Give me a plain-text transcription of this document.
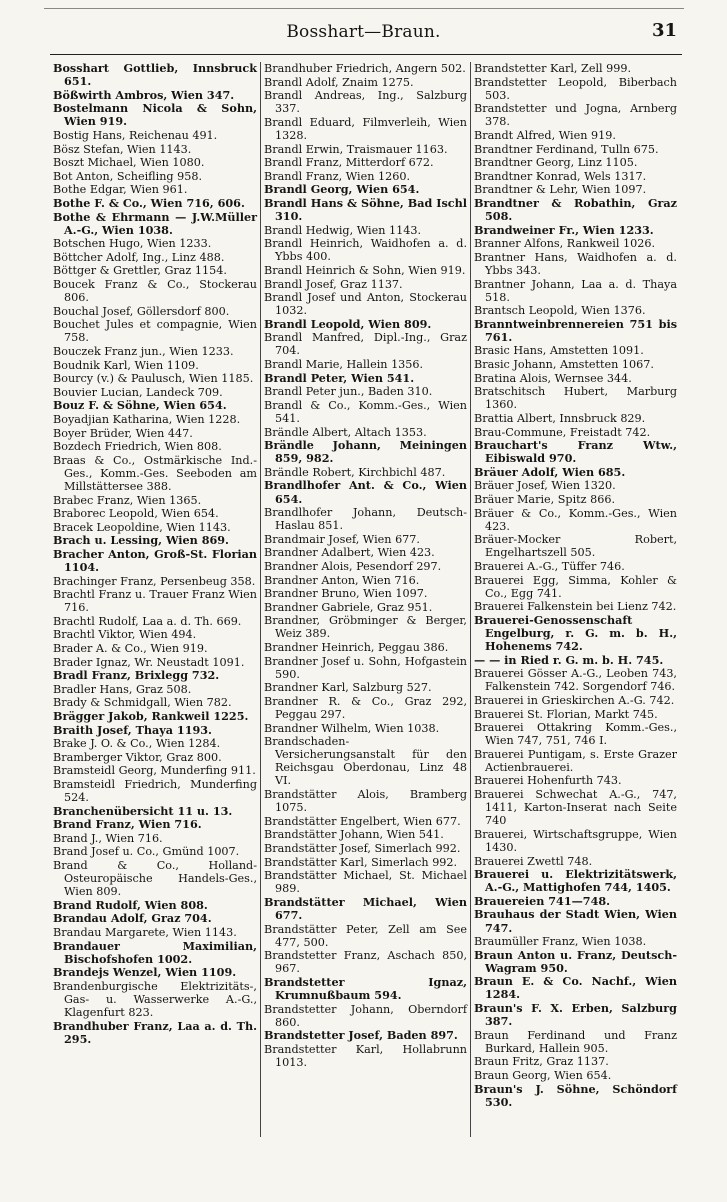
Bosshart—Braun.	31
Bosshart Gottlieb, Innsbruck 651.
Bößwirth Ambros, Wien 347.
Bostelmann Nicola & Sohn, Wien 919.
Bostig Hans, Reichenau 491.
Bösz Stefan, Wien 1143.
Boszt Michael, Wien 1080.
Bot Anton, Scheifling 958.
Bothe Edgar, Wien 961.
Bothe F. & Co., Wien 716, 606.
Bothe & Ehrmann — J.W.Müller A.-G., Wien 1038.
Botschen Hugo, Wien 1233.
Böttcher Adolf, Ing., Linz 488.
Böttger & Grettler, Graz 1154.
Boucek Franz & Co., Stockerau 806.
Bouchal Josef, Göllersdorf 800.
Bouchet Jules et compagnie, Wien 758.
Bouczek Franz jun., Wien 1233.
Boudnik Karl, Wien 1109.
Bourcy (v.) & Paulusch, Wien 1185.
Bouvier Lucian, Landeck 709.
Bouz F. & Söhne, Wien 654.
Boyadjian Katharina, Wien 1228.
Boyer Brüder, Wien 447.
Bozdech Friedrich, Wien 808.
Braas & Co., Ostmärkische Ind.-Ges., Komm.-Ges. Seeboden am Millstättersee 388.
Brabec Franz, Wien 1365.
Braborec Leopold, Wien 654.
Bracek Leopoldine, Wien 1143.
Brach u. Lessing, Wien 869.
Bracher Anton, Groß-St. Florian 1104.
Brachinger Franz, Persenbeug 358.
Brachtl Franz u. Trauer Franz Wien 716.
Brachtl Rudolf, Laa a. d. Th. 669.
Brachtl Viktor, Wien 494.
Brader A. & Co., Wien 919.
Brader Ignaz, Wr. Neustadt 1091.
Bradl Franz, Brixlegg 732.
Bradler Hans, Graz 508.
Brady & Schmidgall, Wien 782.
Brägger Jakob, Rankweil 1225.
Braith Josef, Thaya 1193.
Brake J. O. & Co., Wien 1284.
Bramberger Viktor, Graz 800.
Bramsteidl Georg, Munderfing 911.
Bramsteidl Friedrich, Munderfing 524.
Branchenübersicht 11 u. 13.
Brand Franz, Wien 716.
Brand J., Wien 716.
Brand Josef u. Co., Gmünd 1007.
Brand & Co., Holland-Osteuropäische Handels-Ges., Wien 809.
Brand Rudolf, Wien 808.
Brandau Adolf, Graz 704.
Brandau Margarete, Wien 1143.
Brandauer Maximilian, Bischofshofen 1002.
Brandejs Wenzel, Wien 1109.
Brandenburgische Elektrizitäts-, Gas- u. Wasserwerke A.-G., Klagenfurt 823.
Brandhuber Franz, Laa a. d. Th. 295.
Brandhuber Friedrich, Angern 502.
Brandl Adolf, Znaim 1275.
Brandl Andreas, Ing., Salzburg 337.
Brandl Eduard, Filmverleih, Wien 1328.
Brandl Erwin, Traismauer 1163.
Brandl Franz, Mitterdorf 672.
Brandl Franz, Wien 1260.
Brandl Georg, Wien 654.
Brandl Hans & Söhne, Bad Ischl 310.
Brandl Hedwig, Wien 1143.
Brandl Heinrich, Waidhofen a. d. Ybbs 400.
Brandl Heinrich & Sohn, Wien 919.
Brandl Josef, Graz 1137.
Brandl Josef und Anton, Stockerau 1032.
Brandl Leopold, Wien 809.
Brandl Manfred, Dipl.-Ing., Graz 704.
Brandl Marie, Hallein 1356.
Brandl Peter, Wien 541.
Brandl Peter jun., Baden 310.
Brandl & Co., Komm.-Ges., Wien 541.
Brändle Albert, Altach 1353.
Brändle Johann, Meiningen 859, 982.
Brändle Robert, Kirchbichl 487.
Brandlhofer Ant. & Co., Wien 654.
Brandlhofer Johann, Deutsch-Haslau 851.
Brandmair Josef, Wien 677.
Brandner Adalbert, Wien 423.
Brandner Alois, Pesendorf 297.
Brandner Anton, Wien 716.
Brandner Bruno, Wien 1097.
Brandner Gabriele, Graz 951.
Brandner, Gröbminger & Berger, Weiz 389.
Brandner Heinrich, Peggau 386.
Brandner Josef u. Sohn, Hofgastein 590.
Brandner Karl, Salzburg 527.
Brandner R. & Co., Graz 292, Peggau 297.
Brandner Wilhelm, Wien 1038.
Brandschaden-Versicherungsanstalt für den Reichsgau Oberdonau, Linz 48 VI.
Brandstätter Alois, Bramberg 1075.
Brandstätter Engelbert, Wien 677.
Brandstätter Johann, Wien 541.
Brandstätter Josef, Simerlach 992.
Brandstätter Karl, Simerlach 992.
Brandstätter Michael, St. Michael 989.
Brandstätter Michael, Wien 677.
Brandstätter Peter, Zell am See 477, 500.
Brandstetter Franz, Aschach 850, 967.
Brandstetter Ignaz, Krumnußbaum 594.
Brandstetter Johann, Oberndorf 860.
Brandstetter Josef, Baden 897.
Brandstetter Karl, Hollabrunn 1013.
Brandstetter Karl, Zell 999.
Brandstetter Leopold, Biberbach 503.
Brandstetter und Jogna, Arnberg 378.
Brandt Alfred, Wien 919.
Brandtner Ferdinand, Tulln 675.
Brandtner Georg, Linz 1105.
Brandtner Konrad, Wels 1317.
Brandtner & Lehr, Wien 1097.
Brandtner & Robathin, Graz 508.
Brandweiner Fr., Wien 1233.
Branner Alfons, Rankweil 1026.
Brantner Hans, Waidhofen a. d. Ybbs 343.
Brantner Johann, Laa a. d. Thaya 518.
Brantsch Leopold, Wien 1376.
Branntweinbrennereien 751 bis 761.
Brasic Hans, Amstetten 1091.
Brasic Johann, Amstetten 1067.
Bratina Alois, Wernsee 344.
Bratschitsch Hubert, Marburg 1360.
Brattia Albert, Innsbruck 829.
Brau-Commune, Freistadt 742.
Brauchart's Franz Wtw., Eibiswald 970.
Bräuer Adolf, Wien 685.
Bräuer Josef, Wien 1320.
Bräuer Marie, Spitz 866.
Bräuer & Co., Komm.-Ges., Wien 423.
Bräuer-Mocker Robert, Engelhartszell 505.
Brauerei A.-G., Tüffer 746.
Brauerei Egg, Simma, Kohler & Co., Egg 741.
Brauerei Falkenstein bei Lienz 742.
Brauerei-Genossenschaft Engelburg, r. G. m. b. H., Hohenems 742.
— — in Ried r. G. m. b. H. 745.
Brauerei Gösser A.-G., Leoben 743, Falkenstein 742. Sorgendorf 746.
Brauerei in Grieskirchen A.-G. 742.
Brauerei St. Florian, Markt 745.
Brauerei Ottakring Komm.-Ges., Wien 747, 751, 746 I.
Brauerei Puntigam, s. Erste Grazer Actienbrauerei.
Brauerei Hohenfurth 743.
Brauerei Schwechat A.-G., 747, 1411, Karton-Inserat nach Seite 740
Brauerei, Wirtschaftsgruppe, Wien 1430.
Brauerei Zwettl 748.
Brauerei u. Elektrizitätswerk, A.-G., Mattighofen 744, 1405.
Brauereien 741—748.
Brauhaus der Stadt Wien, Wien 747.
Braumüller Franz, Wien 1038.
Braun Anton u. Franz, Deutsch-Wagram 950.
Braun E. & Co. Nachf., Wien 1284.
Braun's F. X. Erben, Salzburg 387.
Braun Ferdinand und Franz Burkard, Hallein 905.
Braun Fritz, Graz 1137.
Braun Georg, Wien 654.
Braun's J. Söhne, Schöndorf 530.
